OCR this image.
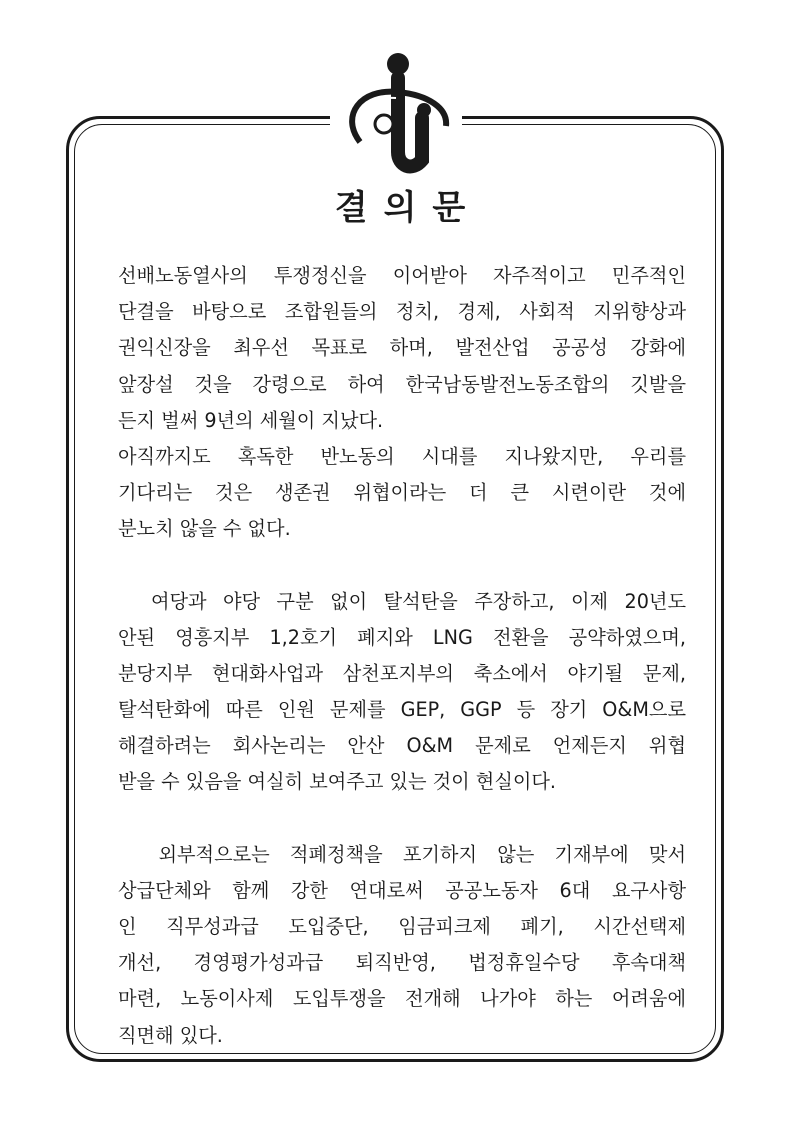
결의문
선배노동열사의 투쟁정신을 이어받아 자주적이고 민주적인
단결을 바탕으로 조합원들의 정치, 경제, 사회적 지위향상과
권익신장을 최우선 목표로 하며, 발전산업 공공성 강화에
앞장설 것을 강령으로 하여 한국남동발전노동조합의 깃발을
든지 벌써 9년의 세월이 지났다.
아직까지도 혹독한 반노동의 시대를 지나왔지만, 우리를
기다리는 것은 생존권 위협이라는 더 큰 시련이란 것에
분노치 않을 수 없다.
여당과 야당 구분 없이 탈석탄을 주장하고, 이제 20년도
안된 영흥지부 1,2호기 폐지와 LNG 전환을 공약하였으며,
분당지부 현대화사업과 삼천포지부의 축소에서 야기될 문제,
탈석탄화에 따른 인원 문제를 GEP, GGP 등 장기 O&M으로
해결하려는 회사논리는 안산 O&M 문제로 언제든지 위협
받을 수 있음을 여실히 보여주고 있는 것이 현실이다.
외부적으로는 적폐정책을 포기하지 않는 기재부에 맞서
상급단체와 함께 강한 연대로써 공공노동자 6대 요구사항
인 직무성과급 도입중단, 임금피크제 폐기, 시간선택제
개선, 경영평가성과급 퇴직반영, 법정휴일수당 후속대책
마련, 노동이사제 도입투쟁을 전개해 나가야 하는 어려움에
직면해 있다.
